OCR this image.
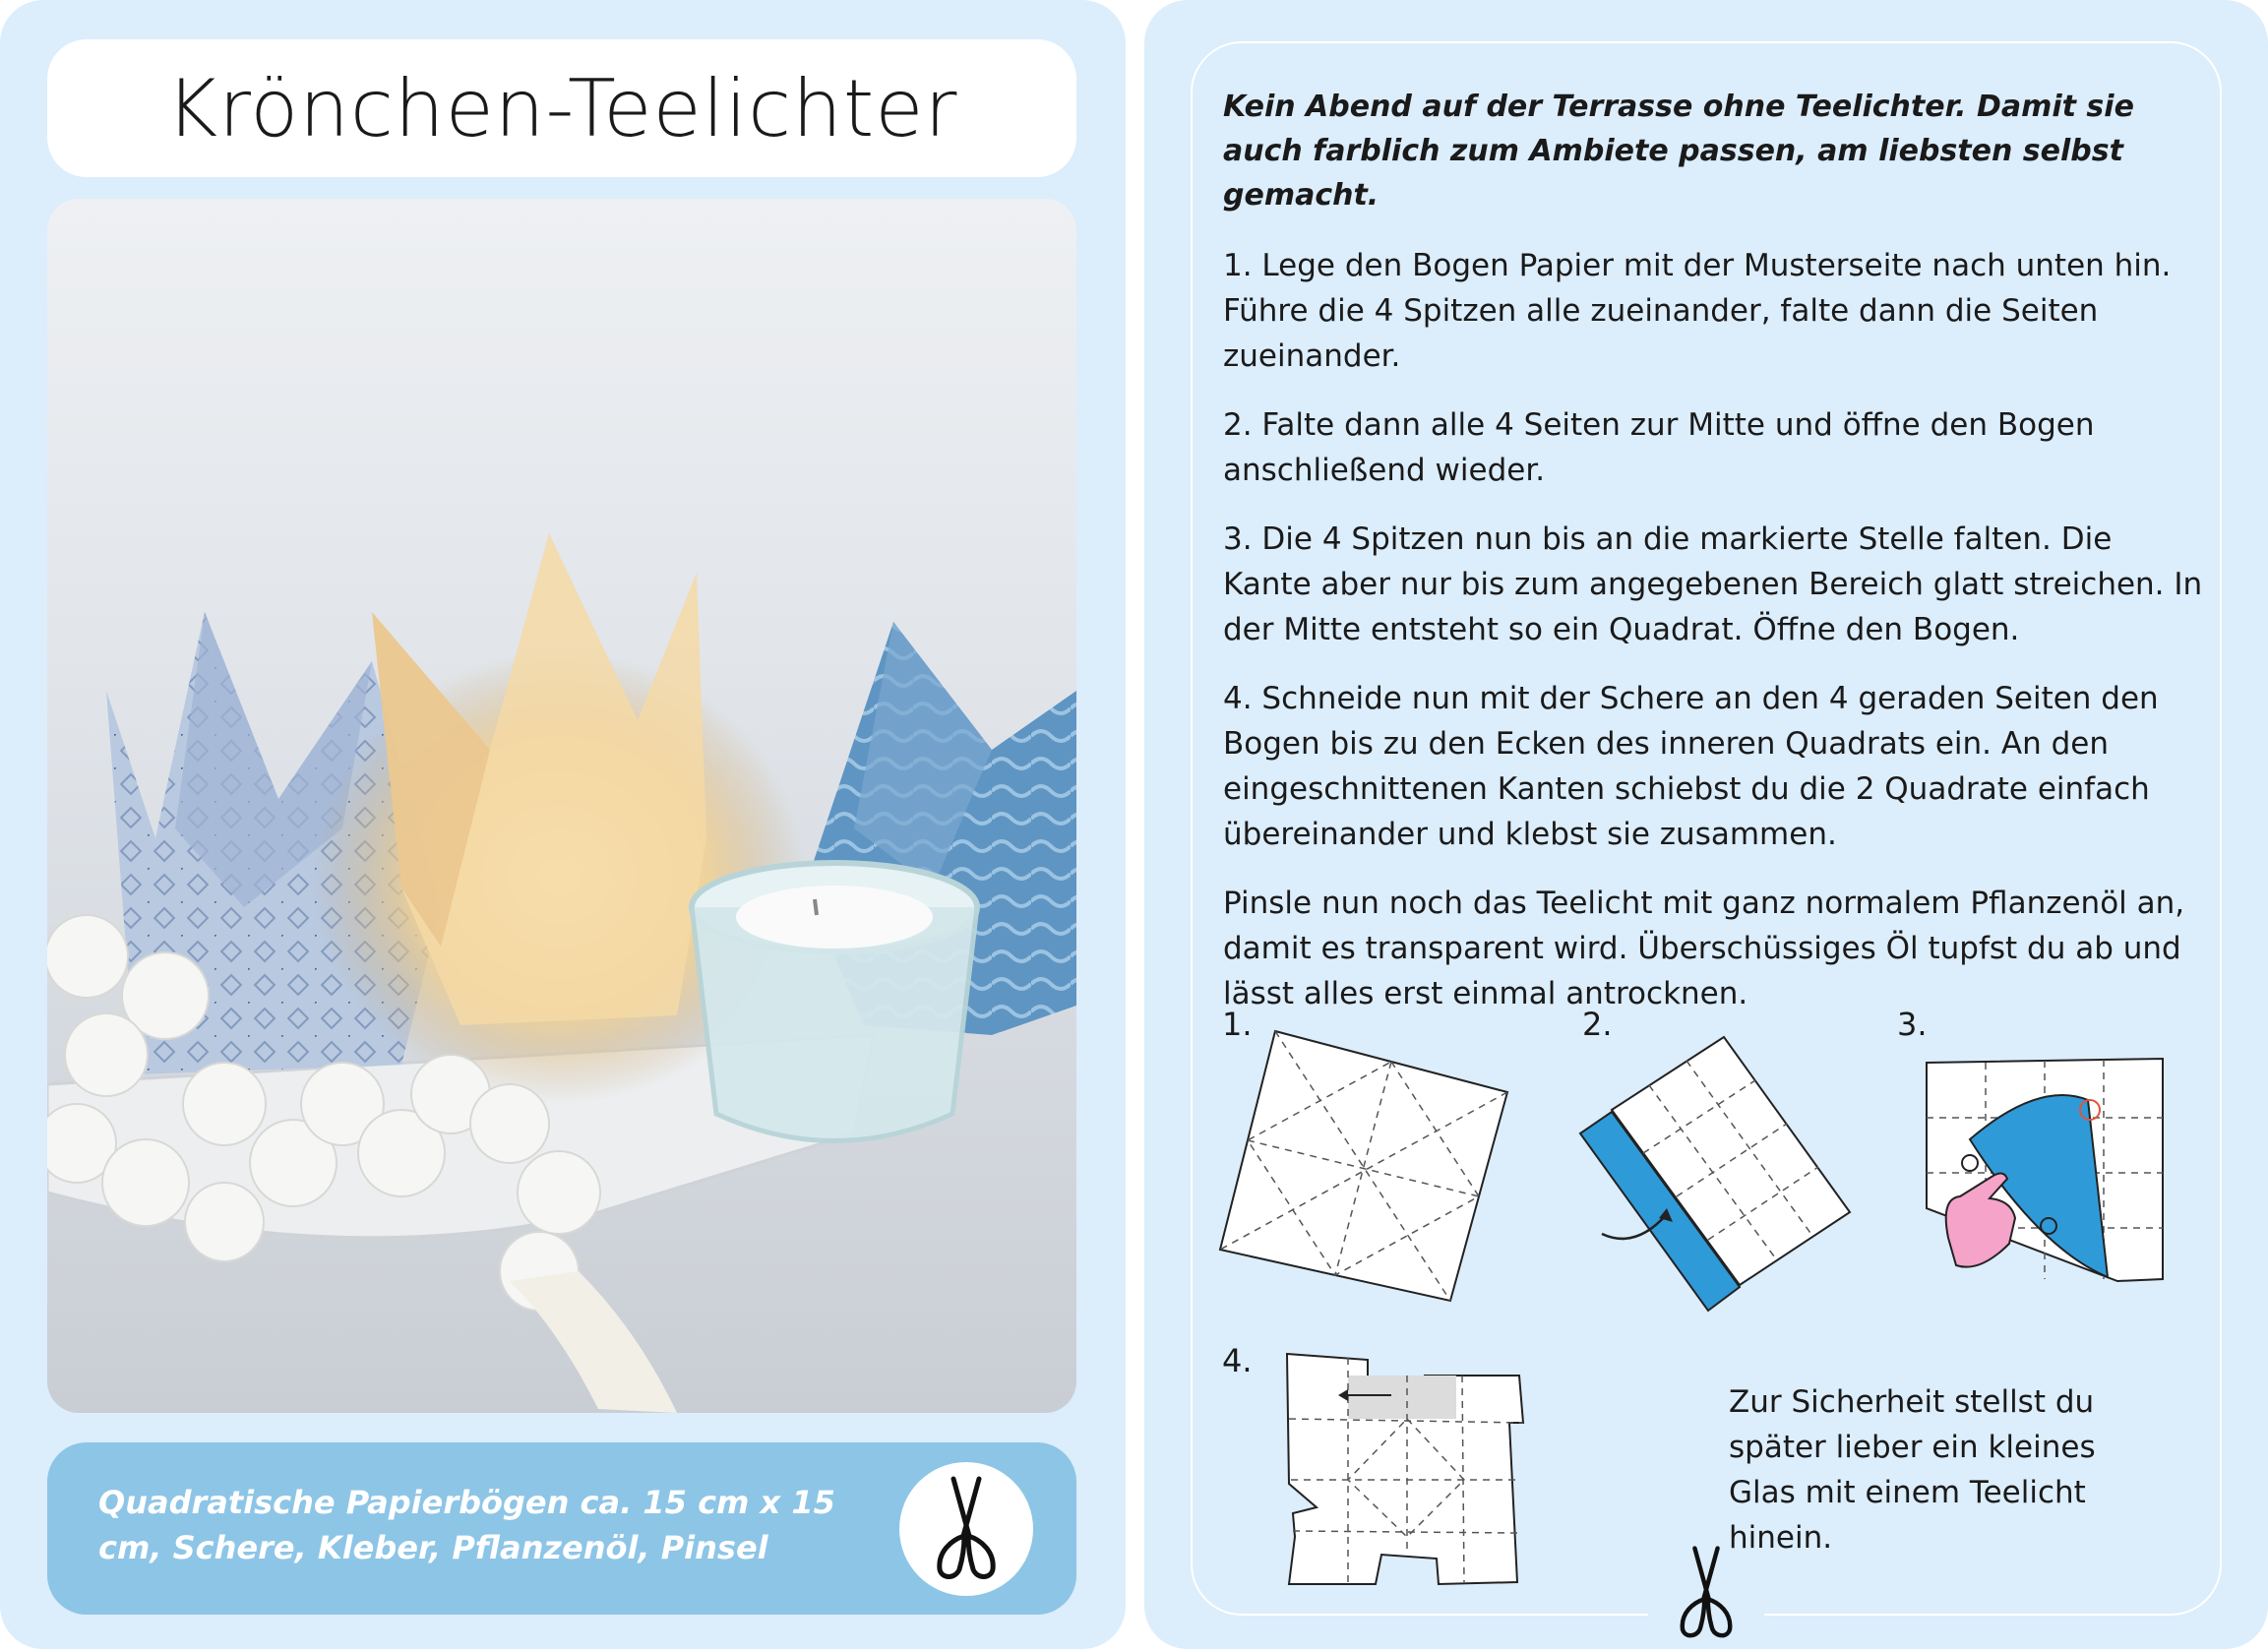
Krönchen-Teelichter
Quadratische Papierbögen ca. 15 cm x 15 cm, Schere, Kleber, Pflanzenöl, Pinsel

Kein Abend auf der Terrasse ohne Teelichter. Damit sie auch farblich zum Ambiete passen, am liebsten selbst gemacht.

1. Lege den Bogen Papier mit der Musterseite nach unten hin. Führe die 4 Spitzen alle zueinander, falte dann die Seiten zueinander.

2. Falte dann alle 4 Seiten zur Mitte und öffne den Bogen anschließend wieder.

3. Die 4 Spitzen nun bis an die markierte Stelle falten. Die Kante aber nur bis zum angegebenen Bereich glatt streichen. In der Mitte entsteht so ein Quadrat. Öffne den Bogen.

4. Schneide nun mit der Schere an den 4 geraden Seiten den Bogen bis zu den Ecken des inneren Quadrats ein. An den eingeschnittenen Kanten schiebst du die 2 Quadrate einfach übereinander und klebst sie zusammen.

Pinsle nun noch das Teelicht mit ganz normalem Pflanzenöl an, damit es transparent wird. Überschüssiges Öl tupfst du ab und lässt alles erst einmal antrocknen.

1.	2.	3.
4.
Zur Sicherheit stellst du später lieber ein kleines Glas mit einem Teelicht hinein.
